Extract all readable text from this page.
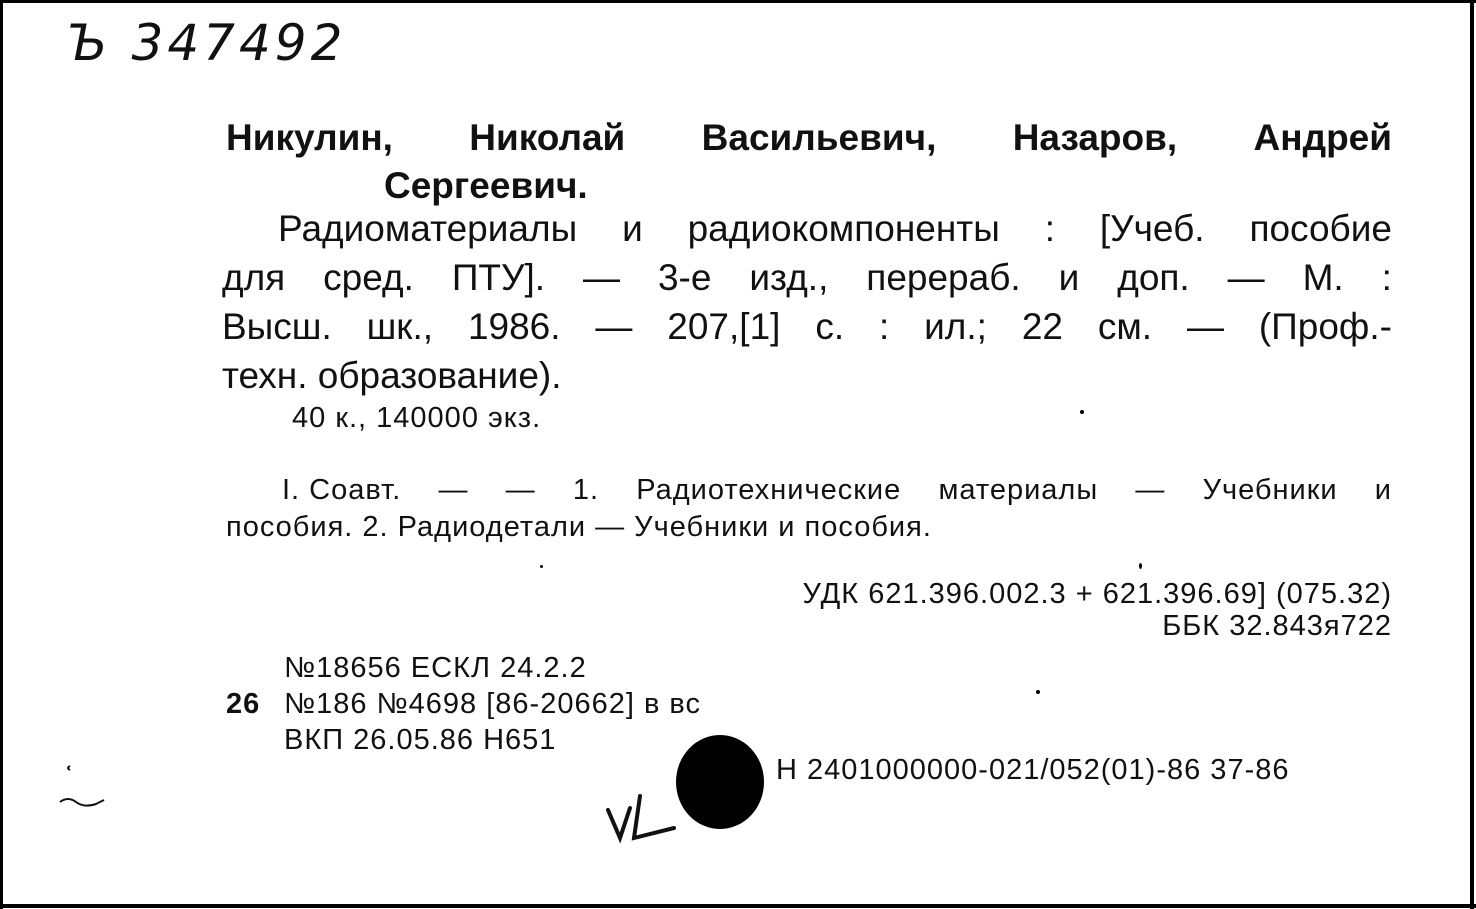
Ъ 347492
Никулин, Николай Васильевич, Назаров, Андрей
Сергеевич.
Радиоматериалы и радиокомпоненты : [Учеб. пособие
для сред. ПТУ]. — 3-е изд., перераб. и доп. — М. :
Высш. шк., 1986. — 207,[1] с. : ил.; 22 см. — (Проф.-
техн. образование).
40 к., 140000 экз.
I. Соавт. — — 1. Радиотехнические материалы — Учебники и
пособия. 2. Радиодетали — Учебники и пособия.
УДК 621.396.002.3 + 621.396.69] (075.32)
ББК 32.843я722
№18656 ЕСКЛ 24.2.2
26 №186 №4698 [86-20662] в вс
ВКП 26.05.86 Н651
Н 2401000000-021/052(01)-86 37-86
